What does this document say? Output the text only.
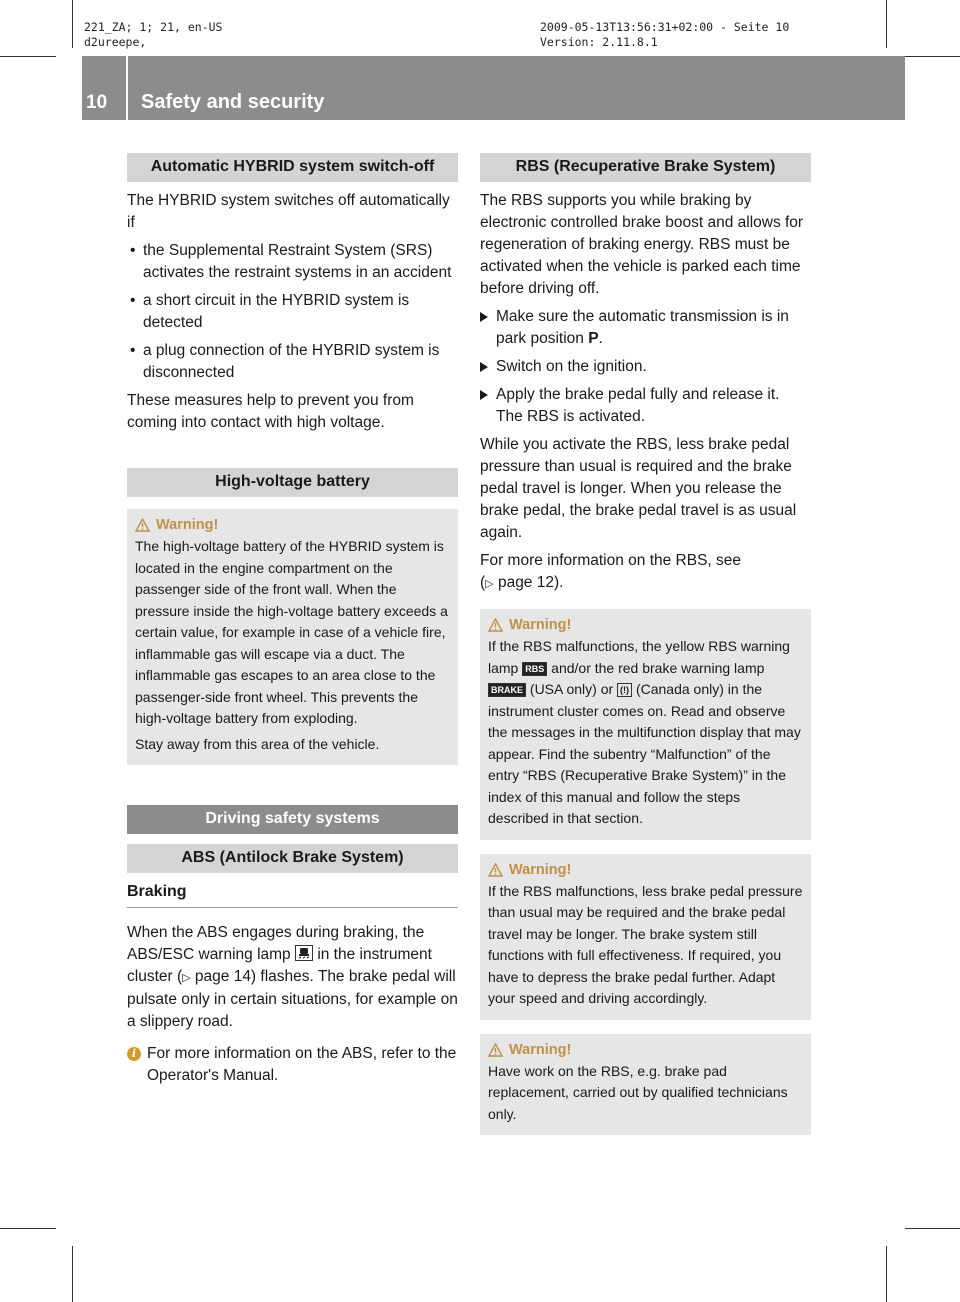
221_ZA; 1; 21, en-US
d2ureepe,
2009-05-13T13:56:31+02:00 - Seite 10
Version: 2.11.8.1
10 Safety and security
Automatic HYBRID system switch-off

The HYBRID system switches off automatically if

• the Supplemental Restraint System (SRS) activates the restraint systems in an accident
• a short circuit in the HYBRID system is detected
• a plug connection of the HYBRID system is disconnected

These measures help to prevent you from coming into contact with high voltage.

High-voltage battery
Warning!

The high-voltage battery of the HYBRID system is located in the engine compartment on the passenger side of the front wall. When the pressure inside the high-voltage battery exceeds a certain value, for example in case of a vehicle fire, inflammable gas will escape via a duct. The inflammable gas escapes to an area close to the passenger-side front wheel. This prevents the high-voltage battery from exploding.

Stay away from this area of the vehicle.

Driving safety systems
ABS (Antilock Brake System)
Braking

When the ABS engages during braking, the ABS/ESC warning lamp in the instrument cluster (▷ page 14) flashes. The brake pedal will pulsate only in certain situations, for example on a slippery road.

i For more information on the ABS, refer to the Operator's Manual.

RBS (Recuperative Brake System)

The RBS supports you while braking by electronic controlled brake boost and allows for regeneration of braking energy. RBS must be activated when the vehicle is parked each time before driving off.

Make sure the automatic transmission is in park position P.
Switch on the ignition.
Apply the brake pedal fully and release it.
The RBS is activated.

While you activate the RBS, less brake pedal pressure than usual is required and the brake pedal travel is longer. When you release the brake pedal, the brake pedal travel is as usual again.

For more information on the RBS, see
(▷ page 12).

Warning!

If the RBS malfunctions, the yellow RBS warning lamp RBS and/or the red brake warning lamp BRAKE (USA only) or (!) (Canada only) in the instrument cluster comes on. Read and observe the messages in the multifunction display that may appear. Find the subentry “Malfunction” of the entry “RBS (Recuperative Brake System)” in the index of this manual and follow the steps described in that section.

Warning!

If the RBS malfunctions, less brake pedal pressure than usual may be required and the brake pedal travel may be longer. The brake system still functions with full effectiveness. If required, you have to depress the brake pedal further. Adapt your speed and driving accordingly.

Warning!

Have work on the RBS, e.g. brake pad replacement, carried out by qualified technicians only.
